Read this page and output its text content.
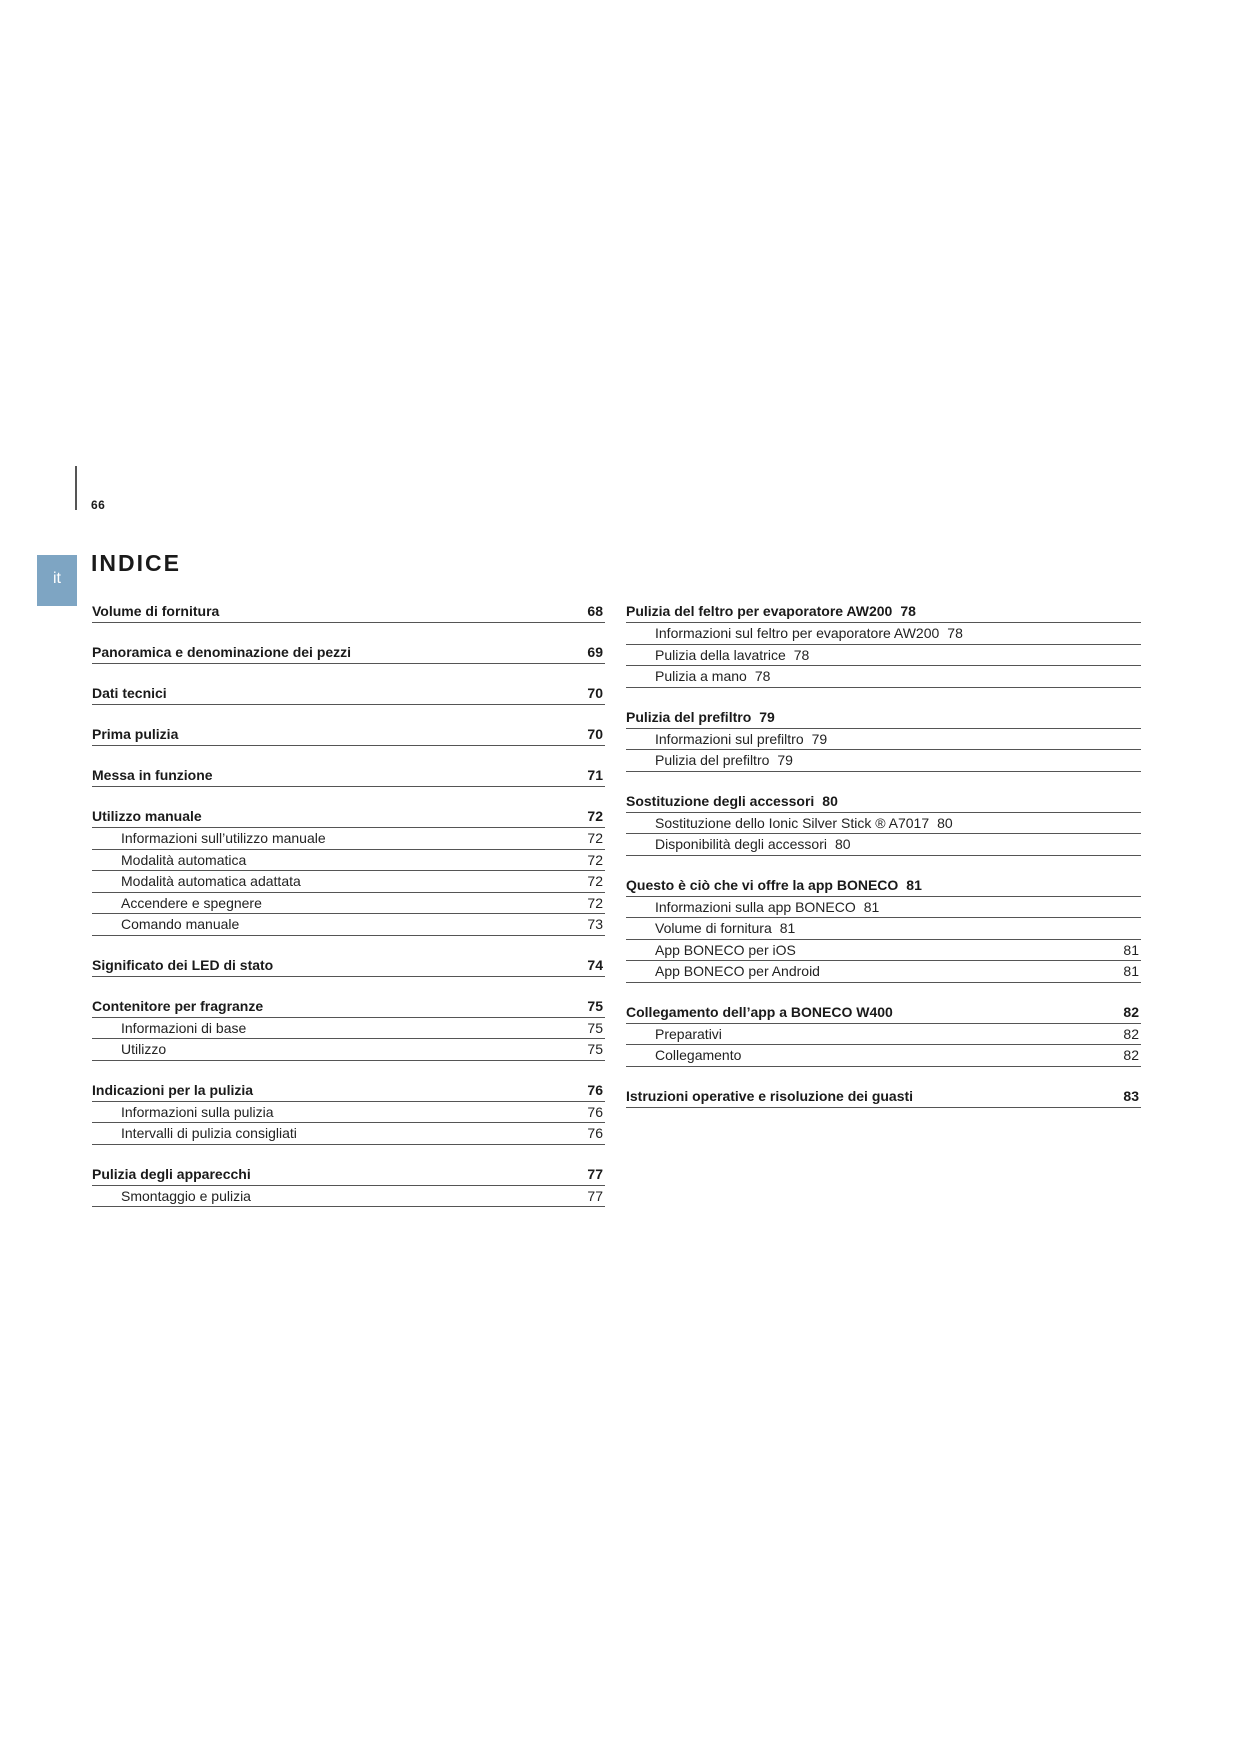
66
it
INDICE
Volume di fornitura	68
Panoramica e denominazione dei pezzi	69
Dati tecnici	70
Prima pulizia	70
Messa in funzione	71
Utilizzo manuale	72
Informazioni sull’utilizzo manuale	72
Modalità automatica	72
Modalità automatica adattata	72
Accendere e spegnere	72
Comando manuale	73
Significato dei LED di stato	74
Contenitore per fragranze	75
Informazioni di base	75
Utilizzo	75
Indicazioni per la pulizia	76
Informazioni sulla pulizia	76
Intervalli di pulizia consigliati	76
Pulizia degli apparecchi	77
Smontaggio e pulizia	77
Pulizia del feltro per evaporatore AW200 78
Informazioni sul feltro per evaporatore AW200 78
Pulizia della lavatrice 78
Pulizia a mano 78
Pulizia del prefiltro 79
Informazioni sul prefiltro 79
Pulizia del prefiltro 79
Sostituzione degli accessori 80
Sostituzione dello Ionic Silver Stick ® A7017 80
Disponibilità degli accessori 80
Questo è ciò che vi offre la app BONECO 81
Informazioni sulla app BONECO 81
Volume di fornitura 81
App BONECO per iOS	81
App BONECO per Android	81
Collegamento dell’app a BONECO W400	82
Preparativi	82
Collegamento	82
Istruzioni operative e risoluzione dei guasti	83
